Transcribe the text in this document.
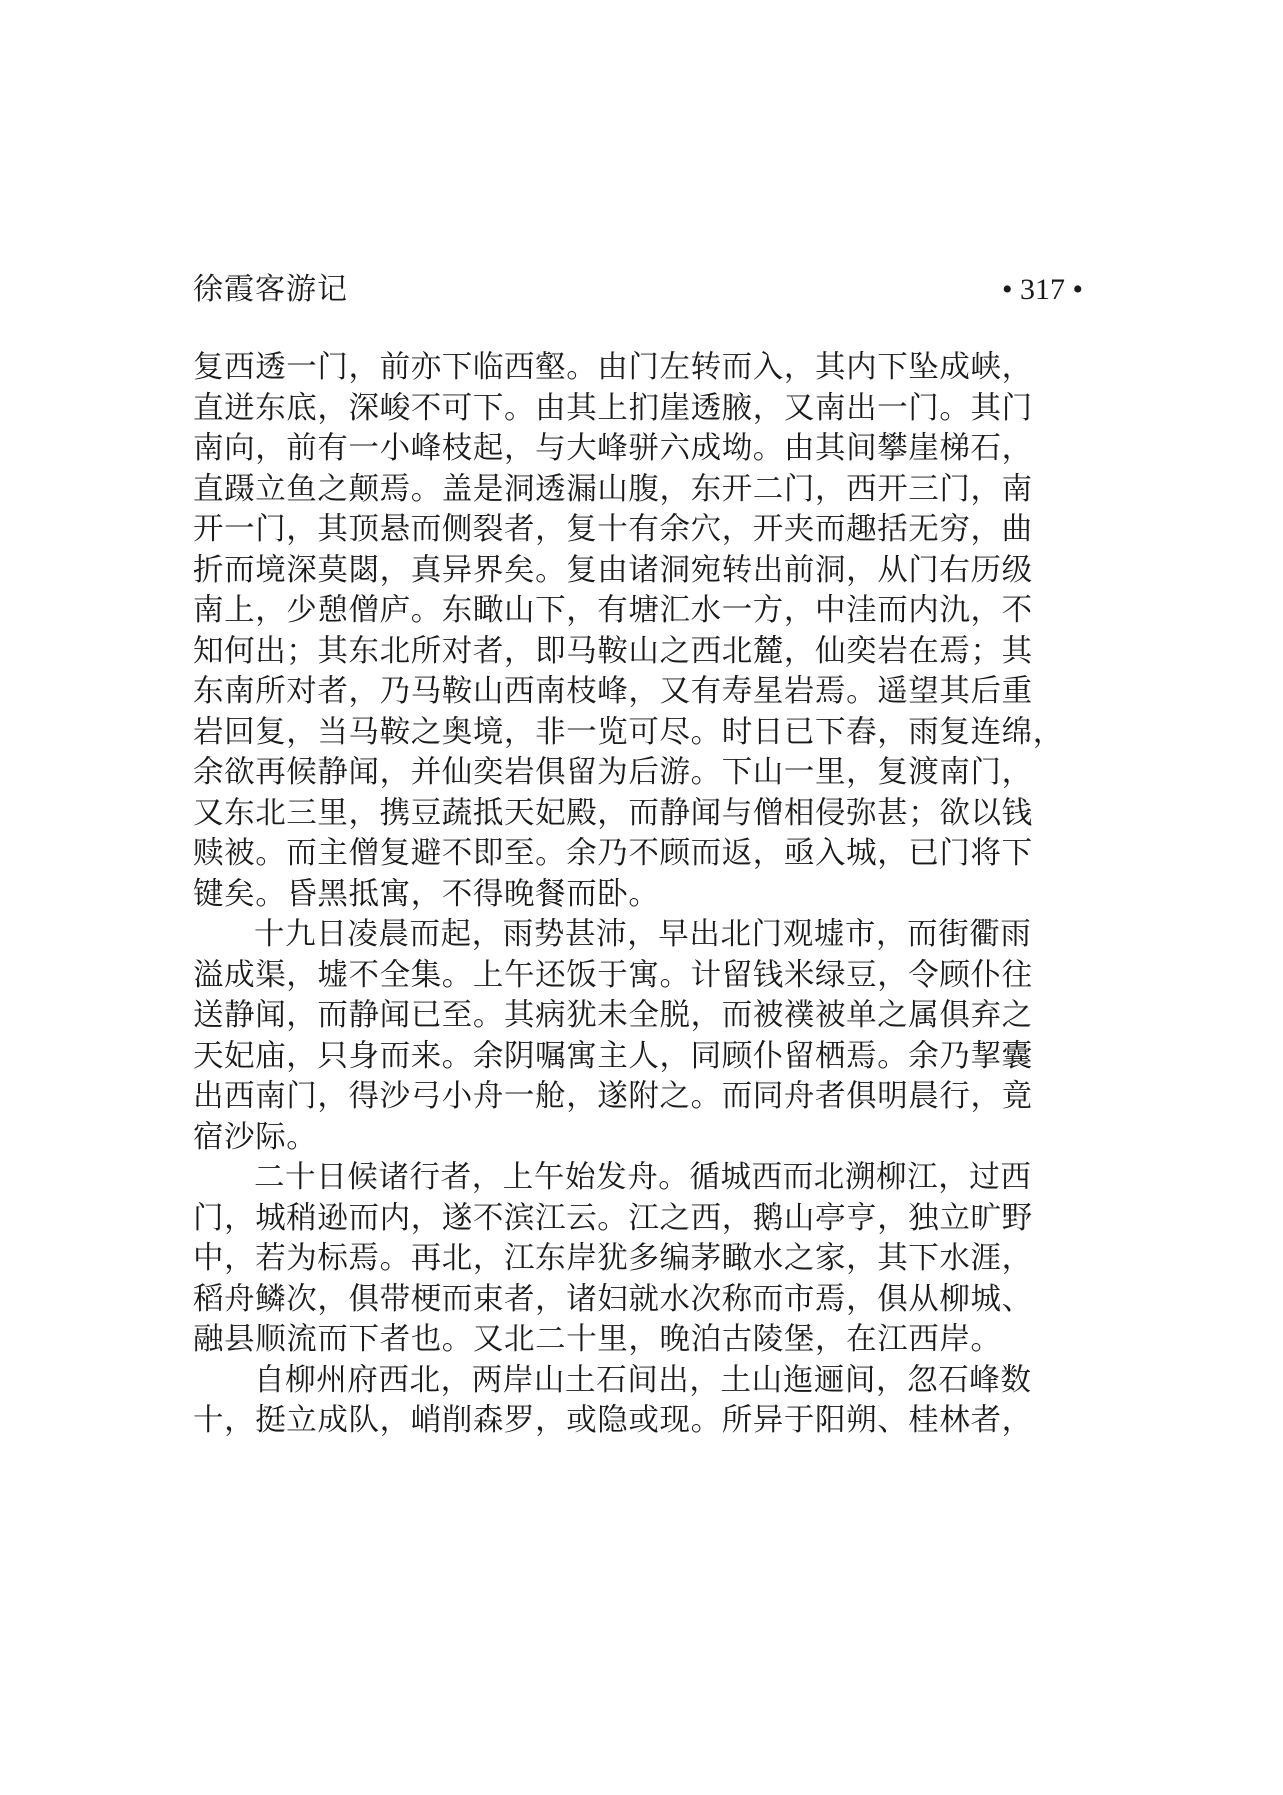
徐霞客游记	• 317 •
复西透一门，前亦下临西壑。由门左转而入，其内下坠成峡，
直迸东底，深峻不可下。由其上扪崖透腋，又南出一门。其门
南向，前有一小峰枝起，与大峰骈六成坳。由其间攀崖梯石，
直蹑立鱼之颠焉。盖是洞透漏山腹，东开二门，西开三门，南
开一门，其顶悬而侧裂者，复十有余穴，开夹而趣括无穷，曲
折而境深莫閟，真异界矣。复由诸洞宛转出前洞，从门右历级
南上，少憩僧庐。东瞰山下，有塘汇水一方，中洼而内氿，不
知何出；其东北所对者，即马鞍山之西北麓，仙奕岩在焉；其
东南所对者，乃马鞍山西南枝峰，又有寿星岩焉。遥望其后重
岩回复，当马鞍之奥境，非一览可尽。时日已下舂，雨复连绵，
余欲再候静闻，并仙奕岩俱留为后游。下山一里，复渡南门，
又东北三里，携豆蔬抵天妃殿，而静闻与僧相侵弥甚；欲以钱
赎被。而主僧复避不即至。余乃不顾而返，亟入城，已门将下
键矣。昏黑抵寓，不得晚餐而卧。
十九日凌晨而起，雨势甚沛，早出北门观墟市，而街衢雨
溢成渠，墟不全集。上午还饭于寓。计留钱米绿豆，令顾仆往
送静闻，而静闻已至。其病犹未全脱，而被襆被单之属俱弃之
天妃庙，只身而来。余阴嘱寓主人，同顾仆留栖焉。余乃挈囊
出西南门，得沙弓小舟一舱，遂附之。而同舟者俱明晨行，竟
宿沙际。
二十日候诸行者，上午始发舟。循城西而北溯柳江，过西
门，城稍逊而内，遂不滨江云。江之西，鹅山亭亨，独立旷野
中，若为标焉。再北，江东岸犹多编茅瞰水之家，其下水涯，
稻舟鳞次，俱带梗而束者，诸妇就水次称而市焉，俱从柳城、
融县顺流而下者也。又北二十里，晚泊古陵堡，在江西岸。
自柳州府西北，两岸山土石间出，土山迤逦间，忽石峰数
十，挺立成队，峭削森罗，或隐或现。所异于阳朔、桂林者，
